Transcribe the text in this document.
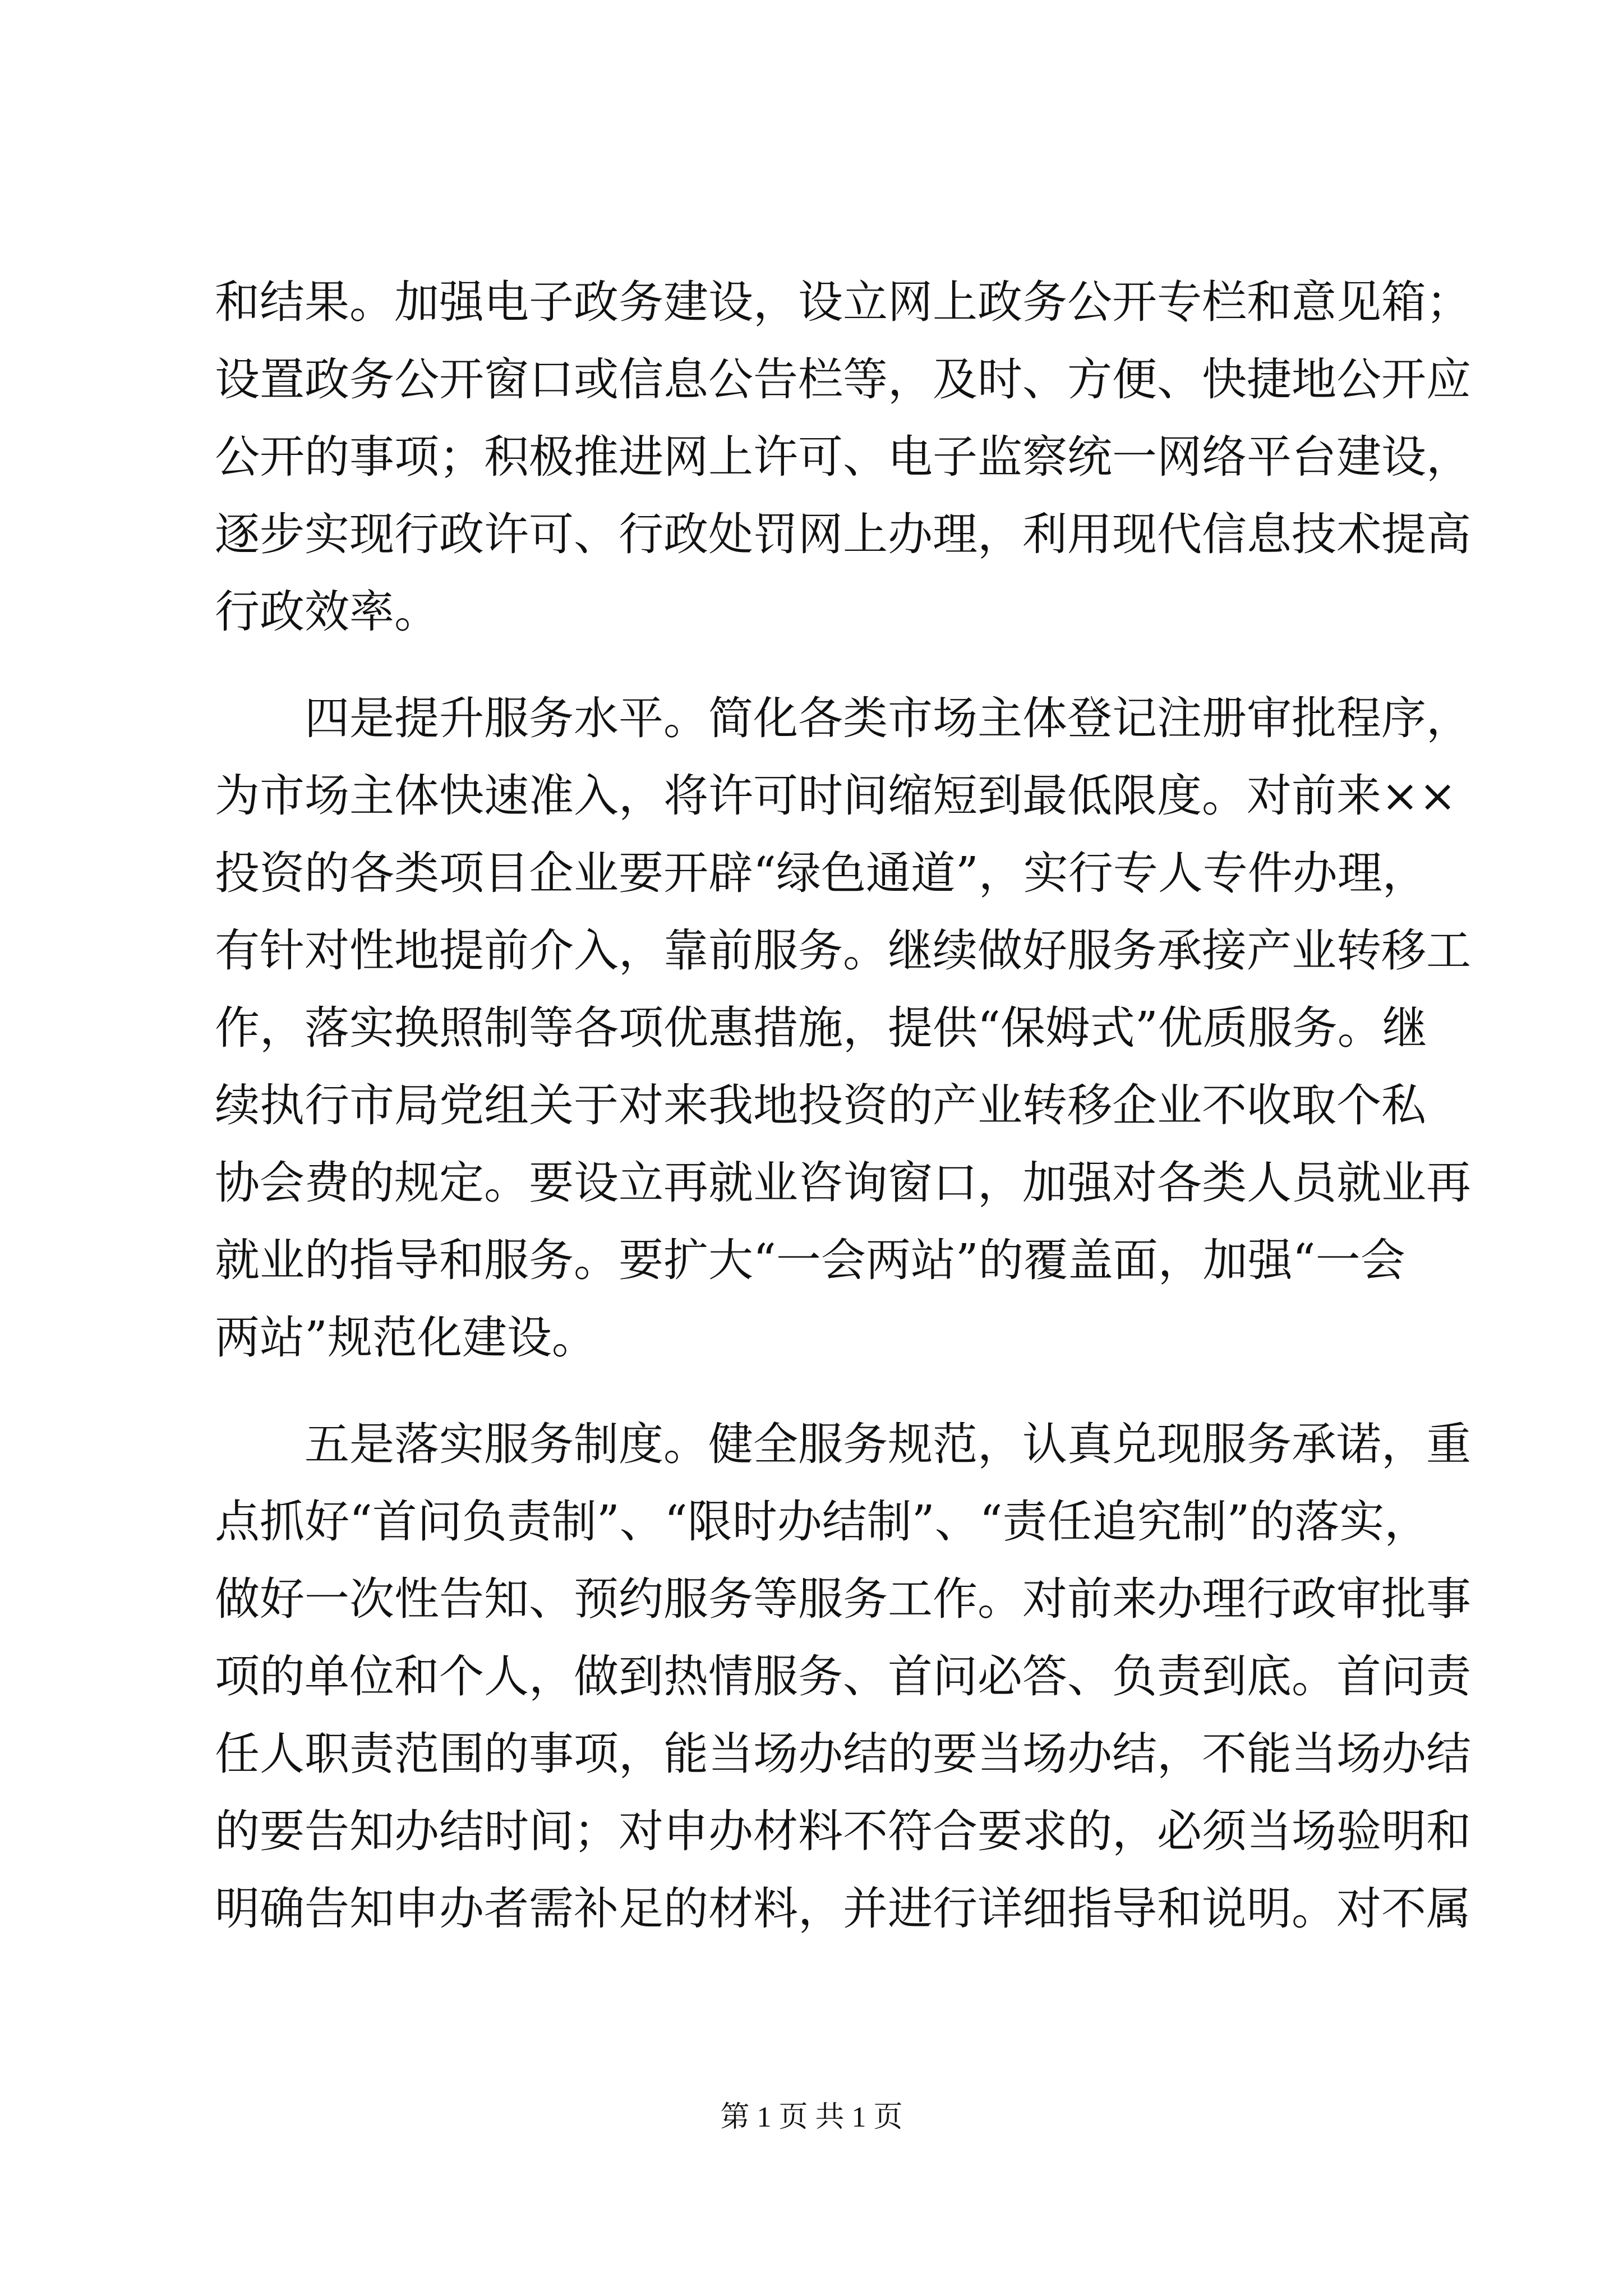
和结果。加强电子政务建设，设立网上政务公开专栏和意见箱；
设置政务公开窗口或信息公告栏等，及时、方便、快捷地公开应
公开的事项；积极推进网上许可、电子监察统一网络平台建设，
逐步实现行政许可、行政处罚网上办理，利用现代信息技术提高
行政效率。
　　四是提升服务水平。简化各类市场主体登记注册审批程序，
为市场主体快速准入，将许可时间缩短到最低限度。对前来××
投资的各类项目企业要开辟“绿色通道”，实行专人专件办理，
有针对性地提前介入，靠前服务。继续做好服务承接产业转移工
作，落实换照制等各项优惠措施，提供“保姆式”优质服务。继
续执行市局党组关于对来我地投资的产业转移企业不收取个私
协会费的规定。要设立再就业咨询窗口，加强对各类人员就业再
就业的指导和服务。要扩大“一会两站”的覆盖面，加强“一会
两站”规范化建设。
　　五是落实服务制度。健全服务规范，认真兑现服务承诺，重
点抓好“首问负责制”、“限时办结制”、“责任追究制”的落实，
做好一次性告知、预约服务等服务工作。对前来办理行政审批事
项的单位和个人，做到热情服务、首问必答、负责到底。首问责
任人职责范围的事项，能当场办结的要当场办结，不能当场办结
的要告知办结时间；对申办材料不符合要求的，必须当场验明和
明确告知申办者需补足的材料，并进行详细指导和说明。对不属
第 1 页 共 1 页
